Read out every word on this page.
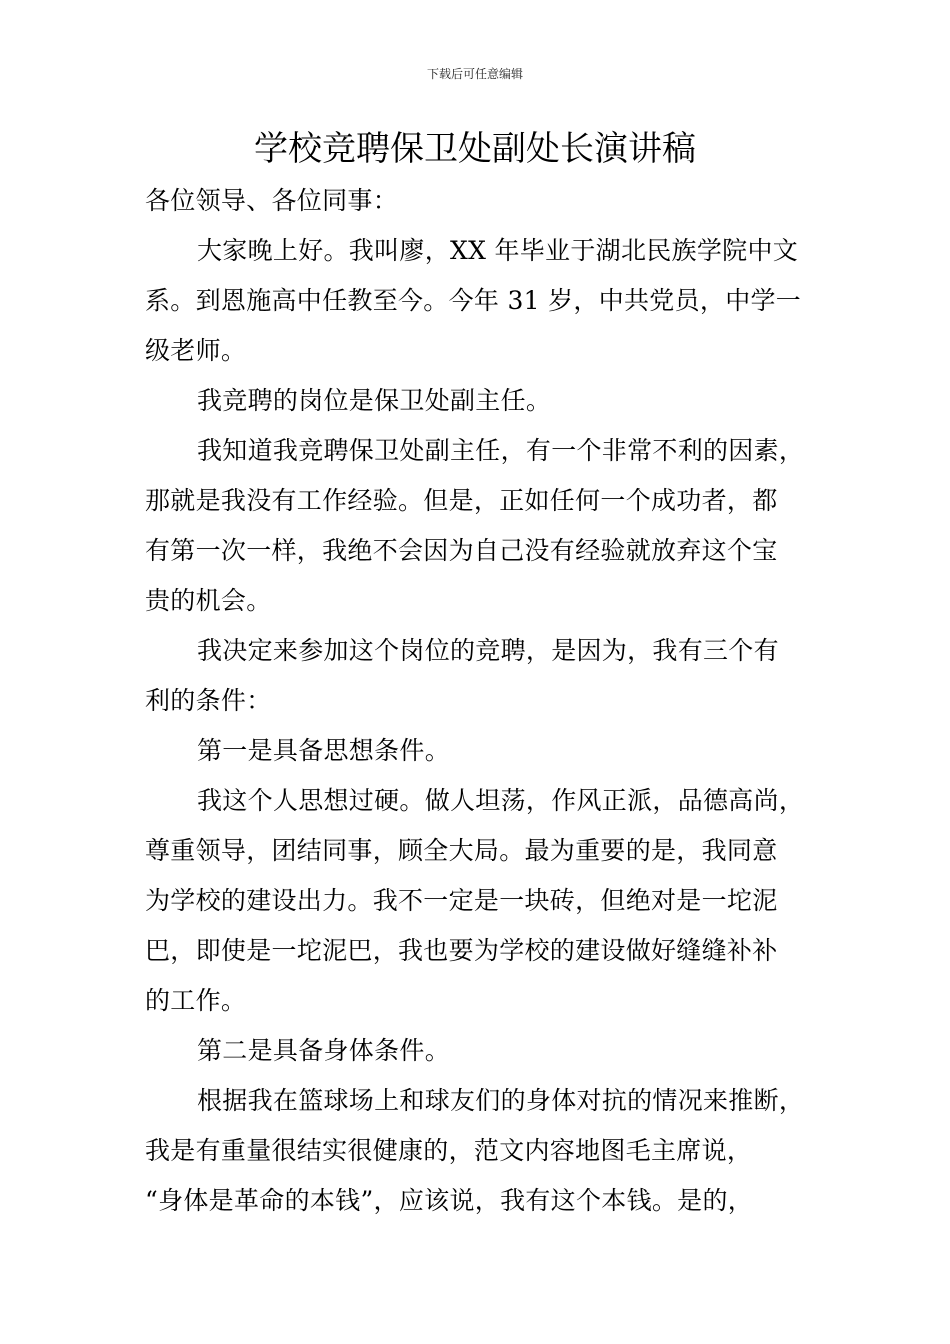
下载后可任意编辑
学校竞聘保卫处副处长演讲稿

各位领导、各位同事：

大家晚上好。我叫廖，XX 年毕业于湖北民族学院中文
系。到恩施高中任教至今。今年 31 岁，中共党员，中学一
级老师。

我竞聘的岗位是保卫处副主任。

我知道我竞聘保卫处副主任，有一个非常不利的因素，
那就是我没有工作经验。但是，正如任何一个成功者，都
有第一次一样，我绝不会因为自己没有经验就放弃这个宝
贵的机会。

我决定来参加这个岗位的竞聘，是因为，我有三个有
利的条件：

第一是具备思想条件。

我这个人思想过硬。做人坦荡，作风正派，品德高尚，
尊重领导，团结同事，顾全大局。最为重要的是，我同意
为学校的建设出力。我不一定是一块砖，但绝对是一坨泥
巴，即使是一坨泥巴，我也要为学校的建设做好缝缝补补
的工作。

第二是具备身体条件。

根据我在篮球场上和球友们的身体对抗的情况来推断，
我是有重量很结实很健康的，范文内容地图毛主席说，
“身体是革命的本钱”，应该说，我有这个本钱。是的，
